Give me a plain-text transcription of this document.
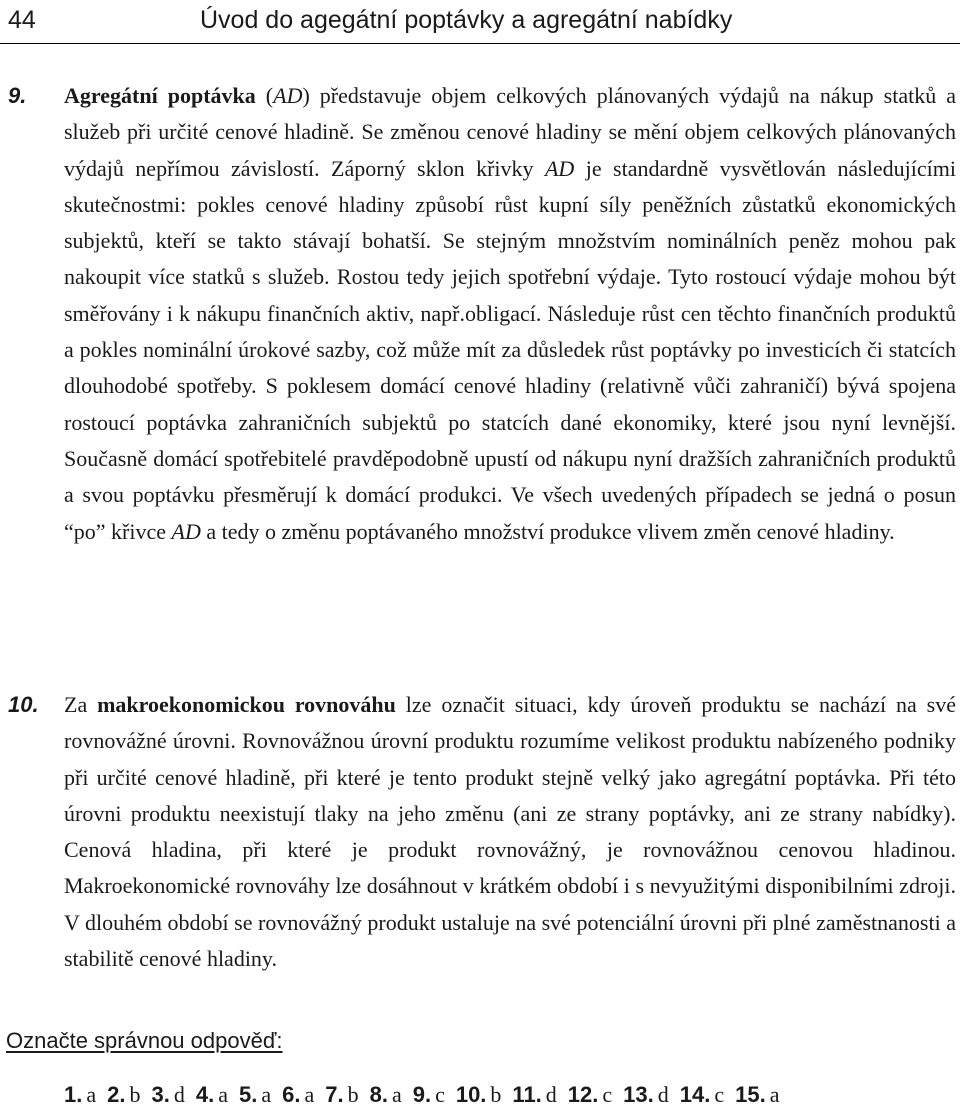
44	Úvod do agegátní poptávky a agregátní nabídky
9. Agregátní poptávka (AD) představuje objem celkových plánovaných výdajů na nákup statků a služeb při určité cenové hladině. Se změnou cenové hladiny se mění objem celkových plánovaných výdajů nepřímou závislostí. Záporný sklon křivky AD je standardně vysvětlován následujícími skutečnostmi: pokles cenové hladiny způsobí růst kupní síly peněžních zůstatků ekonomických subjektů, kteří se takto stávají bohatší. Se stejným množstvím nominálních peněz mohou pak nakoupit více statků s služeb. Rostou tedy jejich spotřební výdaje. Tyto rostoucí výdaje mohou být směřovány i k nákupu finančních aktiv, např.obligací. Následuje růst cen těchto finančních produktů a pokles nominální úrokové sazby, což může mít za důsledek růst poptávky po investicích či statcích dlouhodobé spotřeby. S poklesem domácí cenové hladiny (relativně vůči zahraničí) bývá spojena rostoucí poptávka zahraničních subjektů po statcích dané ekonomiky, které jsou nyní levnější. Současně domácí spotřebitelé pravděpodobně upustí od nákupu nyní dražších zahraničních produktů a svou poptávku přesměrují k domácí produkci. Ve všech uvedených případech se jedná o posun “po” křivce AD a tedy o změnu poptávaného množství produkce vlivem změn cenové hladiny.
10. Za makroekonomickou rovnováhu lze označit situaci, kdy úroveň produktu se nachází na své rovnovážné úrovni. Rovnovážnou úrovní produktu rozumíme velikost produktu nabízeného podniky při určité cenové hladině, při které je tento produkt stejně velký jako agregátní poptávka. Při této úrovni produktu neexistují tlaky na jeho změnu (ani ze strany poptávky, ani ze strany nabídky). Cenová hladina, při které je produkt rovnovážný, je rovnovážnou cenovou hladinou. Makroekonomické rovnováhy lze dosáhnout v krátkém období i s nevyužitými disponibilními zdroji. V dlouhém období se rovnovážný produkt ustaluje na své potenciální úrovni při plné zaměstnanosti a stabilitě cenové hladiny.
Označte správnou odpověď:
1. a 2. b 3. d 4. a 5. a 6. a 7. b 8. a 9. c 10. b 11. d 12. c 13. d 14. c 15. a
